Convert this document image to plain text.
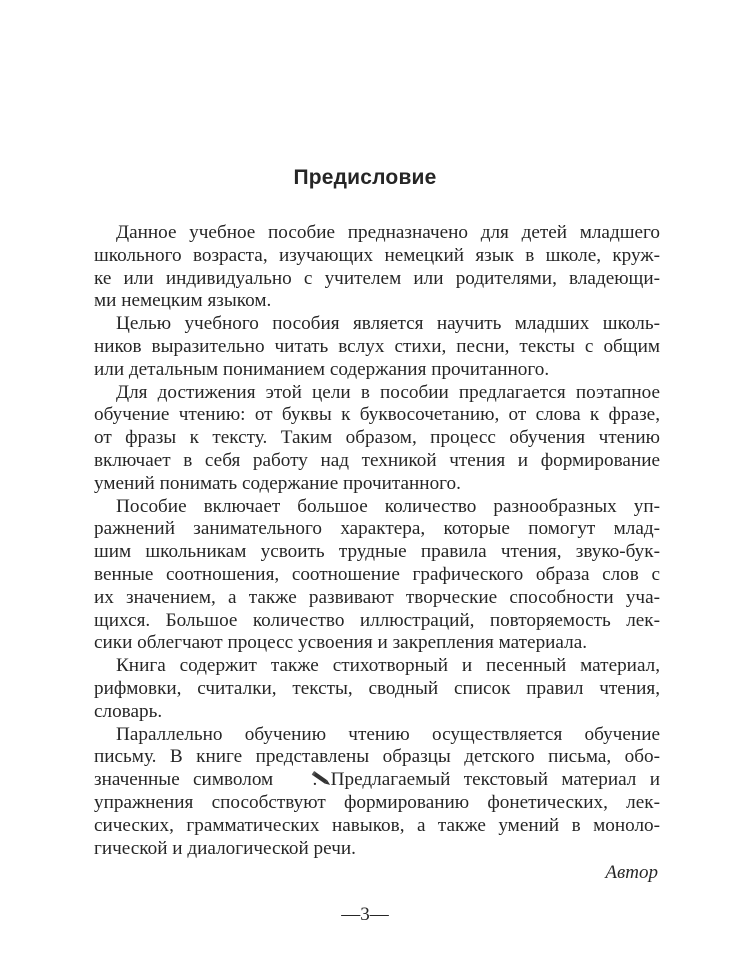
Предисловие

Данное учебное пособие предназначено для детей младшего
школьного возраста, изучающих немецкий язык в школе, круж-
ке или индивидуально с учителем или родителями, владеющи-
ми немецким языком.

Целью учебного пособия является научить младших школь-
ников выразительно читать вслух стихи, песни, тексты с общим
или детальным пониманием содержания прочитанного.

Для достижения этой цели в пособии предлагается поэтапное
обучение чтению: от буквы к буквосочетанию, от слова к фразе,
от фразы к тексту. Таким образом, процесс обучения чтению
включает в себя работу над техникой чтения и формирование
умений понимать содержание прочитанного.

Пособие включает большое количество разнообразных уп-
ражнений занимательного характера, которые помогут млад-
шим школьникам усвоить трудные правила чтения, звуко-бук-
венные соотношения, соотношение графического образа слов с
их значением, а также развивают творческие способности уча-
щихся. Большое количество иллюстраций, повторяемость лек-
сики облегчают процесс усвоения и закрепления материала.

Книга содержит также стихотворный и песенный материал,
рифмовки, считалки, тексты, сводный список правил чтения,
словарь.

Параллельно обучению чтению осуществляется обучение
письму. В книге представлены образцы детского письма, обо-
значенные символом . Предлагаемый текстовый материал и
упражнения способствуют формированию фонетических, лек-
сических, грамматических навыков, а также умений в моноло-
гической и диалогической речи.

Автор
—3—
